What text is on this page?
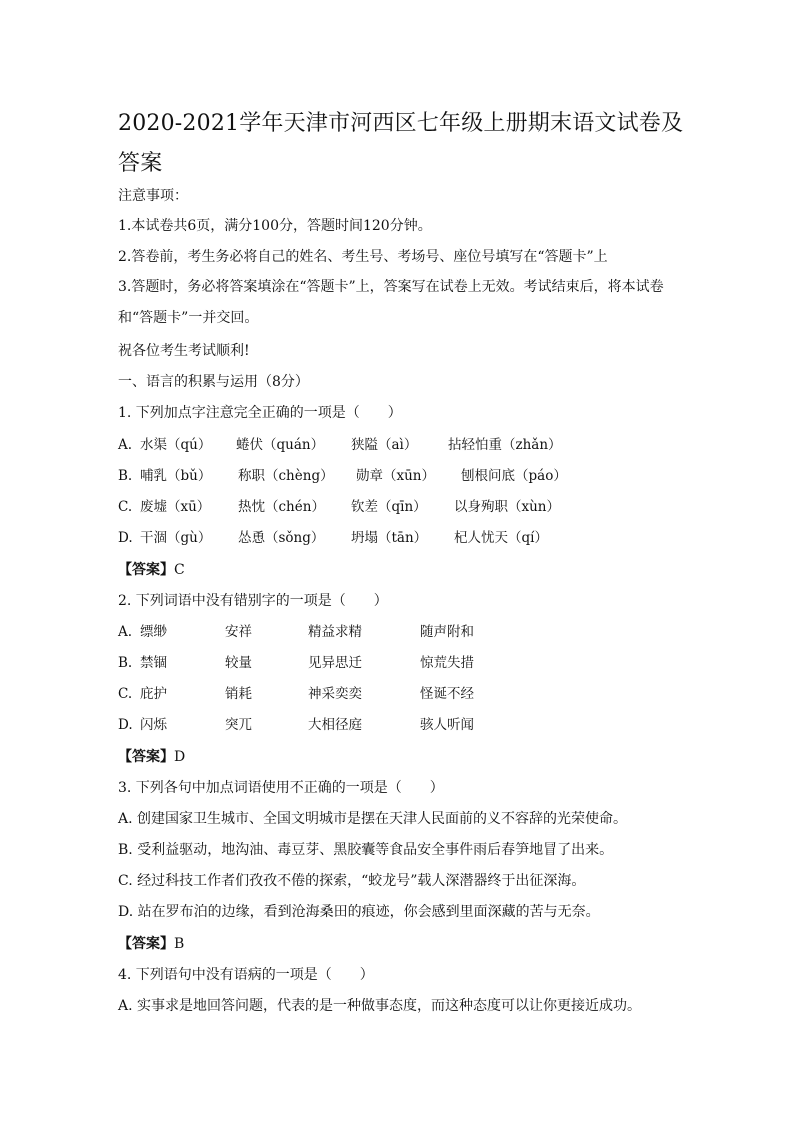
2020-2021学年天津市河西区七年级上册期末语文试卷及答案
注意事项：
1.本试卷共6页，满分100分，答题时间120分钟。
2.答卷前，考生务必将自己的姓名、考生号、考场号、座位号填写在“答题卡”上
3.答题时，务必将答案填涂在“答题卡”上，答案写在试卷上无效。考试结束后，将本试卷和“答题卡”一并交回。
祝各位考生考试顺利!
一、语言的积累与运用（8分）
1. 下列加点字注意完全正确的一项是（　　）
A. 水渠（qú） 蜷伏（quán） 狭隘（aì） 拈轻怕重（zhǎn）
B. 哺乳（bǔ） 称职（chèng） 勋章（xūn） 刨根问底（páo）
C. 废墟（xū） 热忱（chén） 钦差（qīn） 以身殉职（xùn）
D. 干涸（gù） 怂恿（sǒng） 坍塌（tān） 杞人忧天（qí）
【答案】C
2. 下列词语中没有错别字的一项是（　　）
A. 缥缈	安祥	精益求精	随声附和
B. 禁锢	较量	见异思迁	惊荒失措
C. 庇护	销耗	神采奕奕	怪诞不经
D. 闪烁	突兀	大相径庭	骇人听闻
【答案】D
3. 下列各句中加点词语使用不正确的一项是（　　）
A. 创建国家卫生城市、全国文明城市是摆在天津人民面前的义不容辞的光荣使命。
B. 受利益驱动，地沟油、毒豆芽、黑胶囊等食品安全事件雨后春笋地冒了出来。
C. 经过科技工作者们孜孜不倦的探索，“蛟龙号”载人深潜器终于出征深海。
D. 站在罗布泊的边缘，看到沧海桑田的痕迹，你会感到里面深藏的苦与无奈。
【答案】B
4. 下列语句中没有语病的一项是（　　）
A. 实事求是地回答问题，代表的是一种做事态度，而这种态度可以让你更接近成功。
